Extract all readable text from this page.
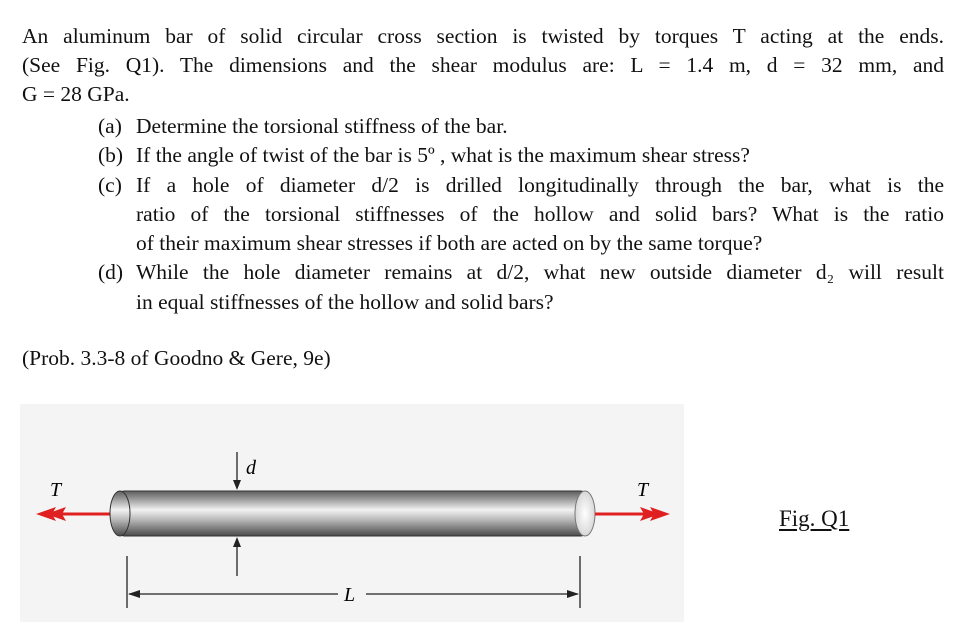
An aluminum bar of solid circular cross section is twisted by torques T acting at the ends.
(See Fig. Q1). The dimensions and the shear modulus are: L = 1.4 m, d = 32 mm, and
G = 28 GPa.
(a) Determine the torsional stiffness of the bar.
(b) If the angle of twist of the bar is 5º , what is the maximum shear stress?
(c) If a hole of diameter d/2 is drilled longitudinally through the bar, what is the
ratio of the torsional stiffnesses of the hollow and solid bars? What is the ratio
of their maximum shear stresses if both are acted on by the same torque?
(d) While the hole diameter remains at d/2, what new outside diameter d₂ will result
in equal stiffnesses of the hollow and solid bars?
(Prob. 3.3-8 of Goodno & Gere, 9e)
T	T
d
L
Fig. Q1
